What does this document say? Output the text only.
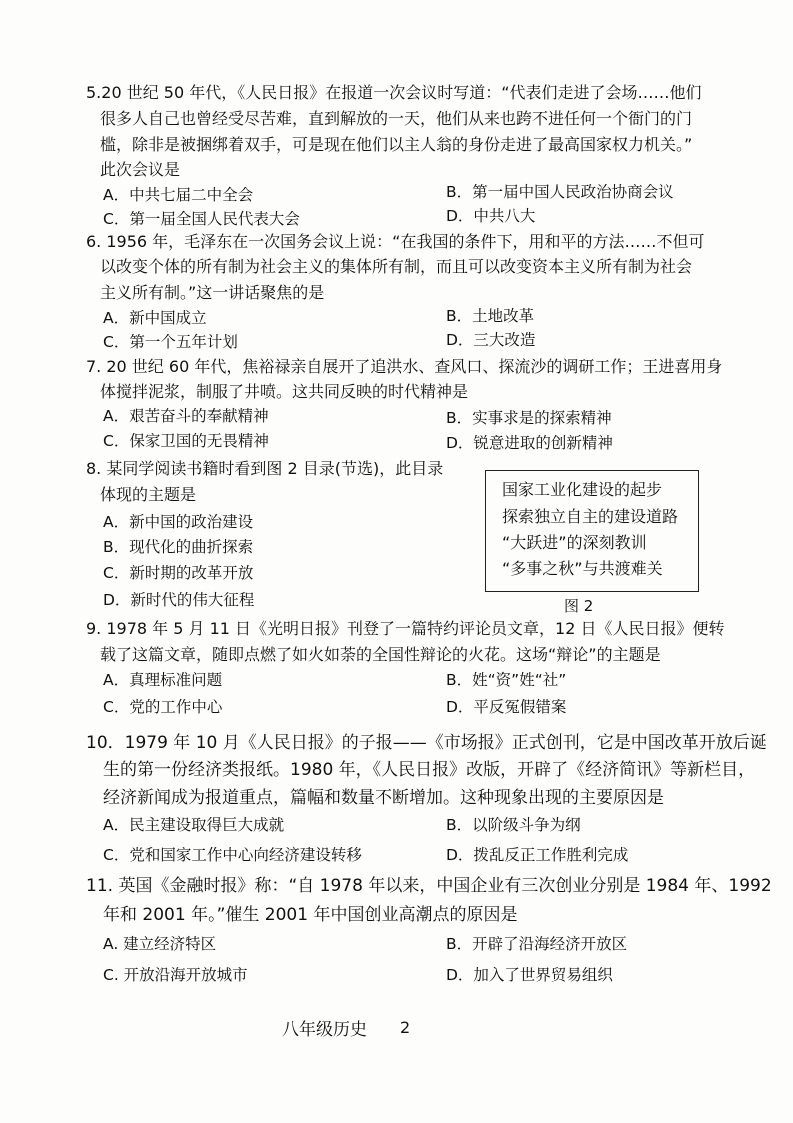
5.20 世纪 50 年代，《人民日报》在报道一次会议时写道：“代表们走进了会场……他们
很多人自己也曾经受尽苦难，直到解放的一天，他们从来也跨不进任何一个衙门的门
槛，除非是被捆绑着双手，可是现在他们以主人翁的身份走进了最高国家权力机关。”
此次会议是
A．中共七届二中全会	B．第一届中国人民政治协商会议
C．第一届全国人民代表大会	D．中共八大
6. 1956 年，毛泽东在一次国务会议上说：“在我国的条件下，用和平的方法……不但可
以改变个体的所有制为社会主义的集体所有制，而且可以改变资本主义所有制为社会
主义所有制。”这一讲话聚焦的是
A．新中国成立	B．土地改革
C．第一个五年计划	D．三大改造
7. 20 世纪 60 年代，焦裕禄亲自展开了追洪水、查风口、探流沙的调研工作；王进喜用身
体搅拌泥浆，制服了井喷。这共同反映的时代精神是
A．艰苦奋斗的奉献精神	B．实事求是的探索精神
C．保家卫国的无畏精神	D．锐意进取的创新精神
8. 某同学阅读书籍时看到图 2 目录(节选)，此目录
体现的主题是
A．新中国的政治建设
B．现代化的曲折探索
C．新时期的改革开放
D．新时代的伟大征程
国家工业化建设的起步
探索独立自主的建设道路
“大跃进”的深刻教训
“多事之秋”与共渡难关
图 2
9. 1978 年 5 月 11 日《光明日报》刊登了一篇特约评论员文章，12 日《人民日报》便转
载了这篇文章，随即点燃了如火如荼的全国性辩论的火花。这场“辩论”的主题是
A．真理标准问题	B．姓“资”姓“社”
C．党的工作中心	D．平反冤假错案
10．1979 年 10 月《人民日报》的子报——《市场报》正式创刊，它是中国改革开放后诞
生的第一份经济类报纸。1980 年，《人民日报》改版，开辟了《经济简讯》等新栏目，
经济新闻成为报道重点，篇幅和数量不断增加。这种现象出现的主要原因是
A．民主建设取得巨大成就	B．以阶级斗争为纲
C．党和国家工作中心向经济建设转移	D．拨乱反正工作胜利完成
11. 英国《金融时报》称：“自 1978 年以来，中国企业有三次创业分别是 1984 年、1992
年和 2001 年。”催生 2001 年中国创业高潮点的原因是
A. 建立经济特区	B．开辟了沿海经济开放区
C. 开放沿海开放城市	D．加入了世界贸易组织
八年级历史 2
